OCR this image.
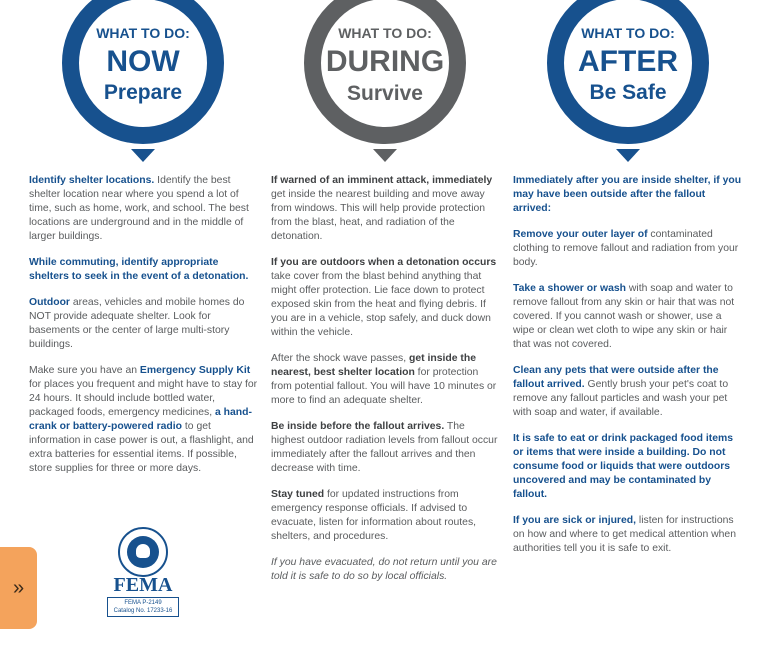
WHAT TO DO:
NOW
Prepare
WHAT TO DO:
DURING
Survive
WHAT TO DO:
AFTER
Be Safe

Identify shelter locations. Identify the best shelter location near where you spend a lot of time, such as home, work, and school. The best locations are underground and in the middle of larger buildings.

While commuting, identify appropriate shelters to seek in the event of a detonation.

Outdoor areas, vehicles and mobile homes do NOT provide adequate shelter. Look for basements or the center of large multi-story buildings.

Make sure you have an Emergency Supply Kit for places you frequent and might have to stay for 24 hours. It should include bottled water, packaged foods, emergency medicines, a hand-crank or battery-powered radio to get information in case power is out, a flashlight, and extra batteries for essential items. If possible, store supplies for three or more days.

If warned of an imminent attack, immediately get inside the nearest building and move away from windows. This will help provide protection from the blast, heat, and radiation of the detonation.

If you are outdoors when a detonation occurs take cover from the blast behind anything that might offer protection. Lie face down to protect exposed skin from the heat and flying debris. If you are in a vehicle, stop safely, and duck down within the vehicle.

After the shock wave passes, get inside the nearest, best shelter location for protection from potential fallout. You will have 10 minutes or more to find an adequate shelter.

Be inside before the fallout arrives. The highest outdoor radiation levels from fallout occur immediately after the fallout arrives and then decrease with time.

Stay tuned for updated instructions from emergency response officials. If advised to evacuate, listen for information about routes, shelters, and procedures.

If you have evacuated, do not return until you are told it is safe to do so by local officials.

Immediately after you are inside shelter, if you may have been outside after the fallout arrived:

Remove your outer layer of contaminated clothing to remove fallout and radiation from your body.

Take a shower or wash with soap and water to remove fallout from any skin or hair that was not covered. If you cannot wash or shower, use a wipe or clean wet cloth to wipe any skin or hair that was not covered.

Clean any pets that were outside after the fallout arrived. Gently brush your pet's coat to remove any fallout particles and wash your pet with soap and water, if available.

It is safe to eat or drink packaged food items or items that were inside a building. Do not consume food or liquids that were outdoors uncovered and may be contaminated by fallout.

If you are sick or injured, listen for instructions on how and where to get medical attention when authorities tell you it is safe to exit.

FEMA
FEMA P-2149
Catalog No. 17233-16
»
